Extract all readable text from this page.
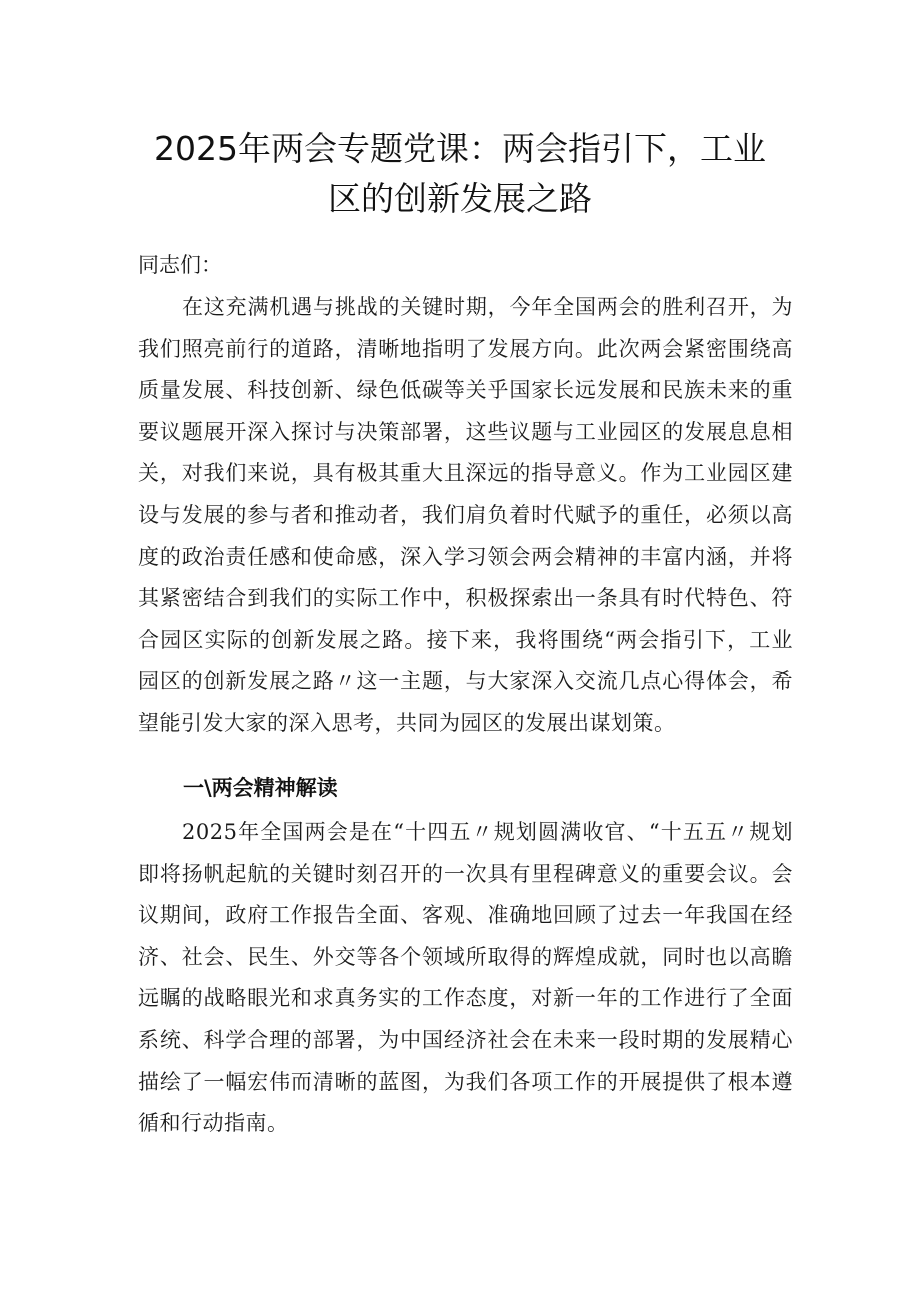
2025年两会专题党课：两会指引下，工业
区的创新发展之路

同志们：

在这充满机遇与挑战的关键时期，今年全国两会的胜利召开，为我们照亮前行的道路，清晰地指明了发展方向。此次两会紧密围绕高质量发展、科技创新、绿色低碳等关乎国家长远发展和民族未来的重要议题展开深入探讨与决策部署，这些议题与工业园区的发展息息相关，对我们来说，具有极其重大且深远的指导意义。作为工业园区建设与发展的参与者和推动者，我们肩负着时代赋予的重任，必须以高度的政治责任感和使命感，深入学习领会两会精神的丰富内涵，并将其紧密结合到我们的实际工作中，积极探索出一条具有时代特色、符合园区实际的创新发展之路。接下来，我将围绕“两会指引下，工业园区的创新发展之路〃这一主题，与大家深入交流几点心得体会，希望能引发大家的深入思考，共同为园区的发展出谋划策。

一\两会精神解读

2025年全国两会是在“十四五〃规划圆满收官、“十五五〃规划即将扬帆起航的关键时刻召开的一次具有里程碑意义的重要会议。会议期间，政府工作报告全面、客观、准确地回顾了过去一年我国在经济、社会、民生、外交等各个领域所取得的辉煌成就，同时也以高瞻远瞩的战略眼光和求真务实的工作态度，对新一年的工作进行了全面系统、科学合理的部署，为中国经济社会在未来一段时期的发展精心描绘了一幅宏伟而清晰的蓝图，为我们各项工作的开展提供了根本遵循和行动指南。
